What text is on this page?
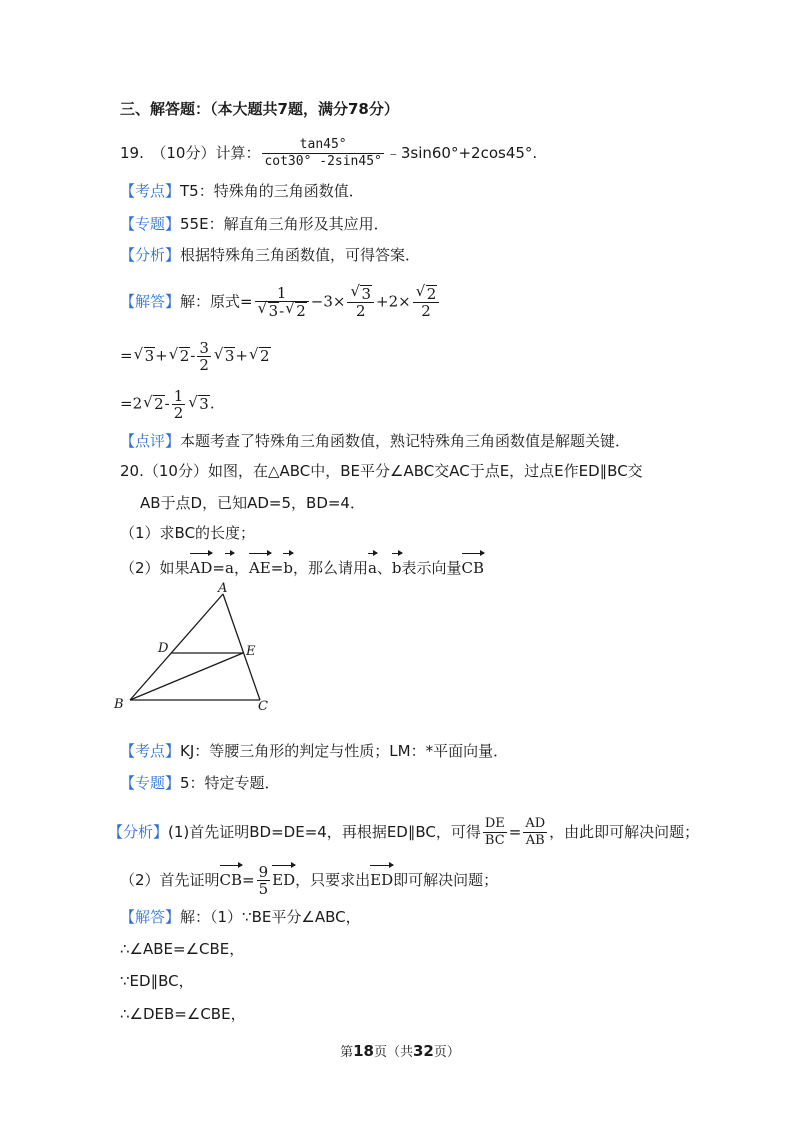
三、解答题：（本大题共7题，满分78分）
19.　（10分）计算： $\frac{\tan 45^\circ}{\cot 30^\circ -2\sin 45^\circ}$ ﹣3sin60°+2cos45°.
【考点】T5：特殊角的三角函数值．
【专题】55E：解直角三角形及其应用．
【分析】根据特殊角三角函数值，可得答案．
【解答】解：原式= 1
√ 3- √ 2 −3× √ $\frac{3}{2} +2\times$ √ $\frac{2}{2}$
= √ 3+ √ $2- \frac{3}{2}$ √ 3+ √ 2
=2 √ $2- \frac{1}{2}$ √ 3.
【点评】本题考查了特殊角三角函数值，熟记特殊角三角函数值是解题关键．
20.（10分）如图，在△ABC中，BE平分∠ABC交AC于点E，过点E作ED∥BC交
AB于点D，已知AD=5，BD=4．
（1）求BC的长度；
（2）如果AD=a，AE=b，那么请用a、b表示向量CB
A
B	C
D	E
【考点】KJ：等腰三角形的判定与性质；LM：*平面向量．
【专题】5：特定专题．
【分析】(1)首先证明BD=DE=4，再根据ED∥BC，可得 $\frac{DE}{BC} = \frac{AD}{AB}$ ，由此即可解决问题；
（2）首先证明$CB= \frac{9}{5}$ ED，只要求出ED即可解决问题；
【解答】解：（1）∵BE平分∠ABC，
∴∠ABE=∠CBE，
∵ED∥BC，
∴∠DEB=∠CBE，
第18页（共32页）
